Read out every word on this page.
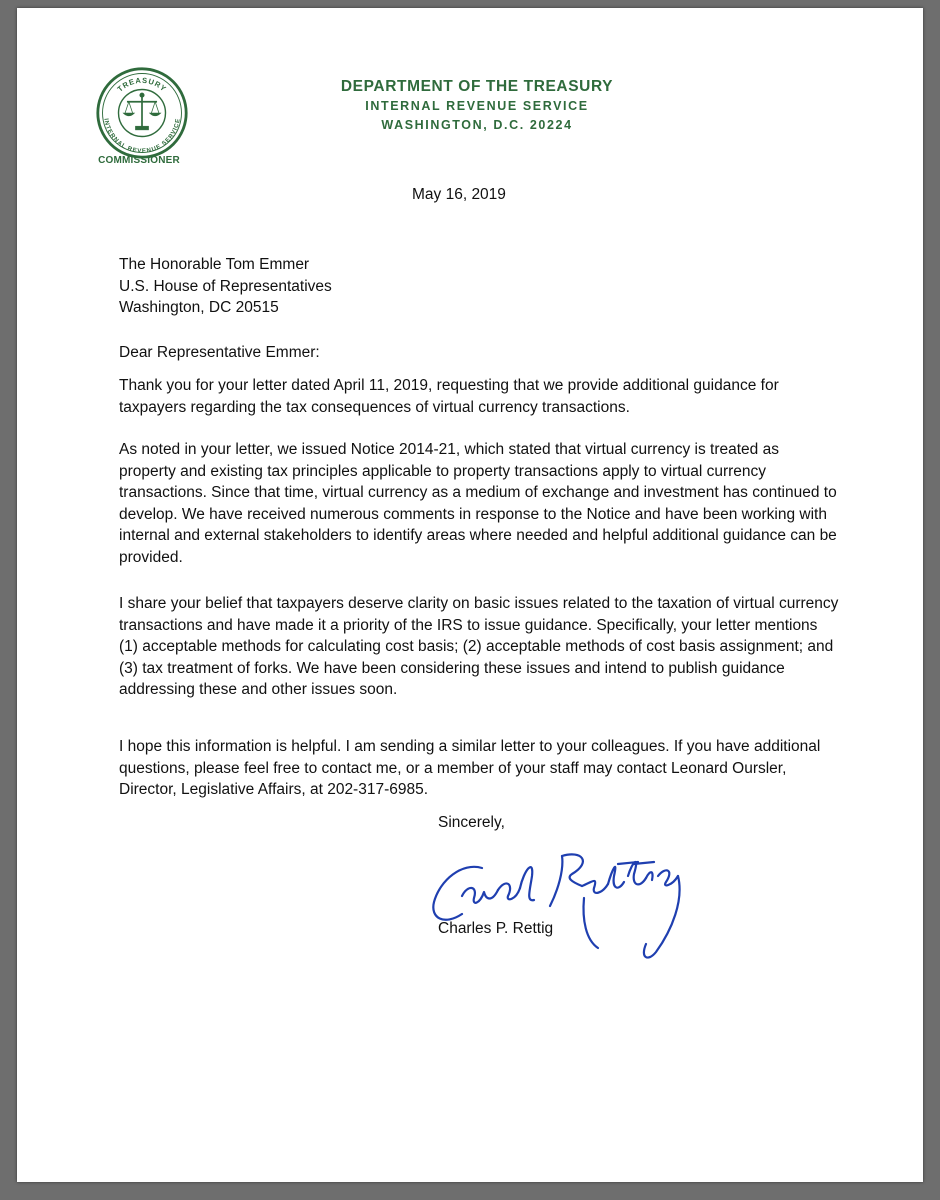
TREASURY
INTERNAL REVENUE SERVICE
COMMISSIONER
DEPARTMENT OF THE TREASURY
INTERNAL REVENUE SERVICE
WASHINGTON, D.C. 20224
May 16, 2019
The Honorable Tom Emmer
U.S. House of Representatives
Washington, DC 20515
Dear Representative Emmer:

Thank you for your letter dated April 11, 2019, requesting that we provide additional guidance for taxpayers regarding the tax consequences of virtual currency transactions.

As noted in your letter, we issued Notice 2014-21, which stated that virtual currency is treated as property and existing tax principles applicable to property transactions apply to virtual currency transactions. Since that time, virtual currency as a medium of exchange and investment has continued to develop. We have received numerous comments in response to the Notice and have been working with internal and external stakeholders to identify areas where needed and helpful additional guidance can be provided.

I share your belief that taxpayers deserve clarity on basic issues related to the taxation of virtual currency transactions and have made it a priority of the IRS to issue guidance. Specifically, your letter mentions (1) acceptable methods for calculating cost basis; (2) acceptable methods of cost basis assignment; and (3) tax treatment of forks. We have been considering these issues and intend to publish guidance addressing these and other issues soon.

I hope this information is helpful. I am sending a similar letter to your colleagues. If you have additional questions, please feel free to contact me, or a member of your staff may contact Leonard Oursler, Director, Legislative Affairs, at 202-317-6985.

Sincerely,
Charles P. Rettig
